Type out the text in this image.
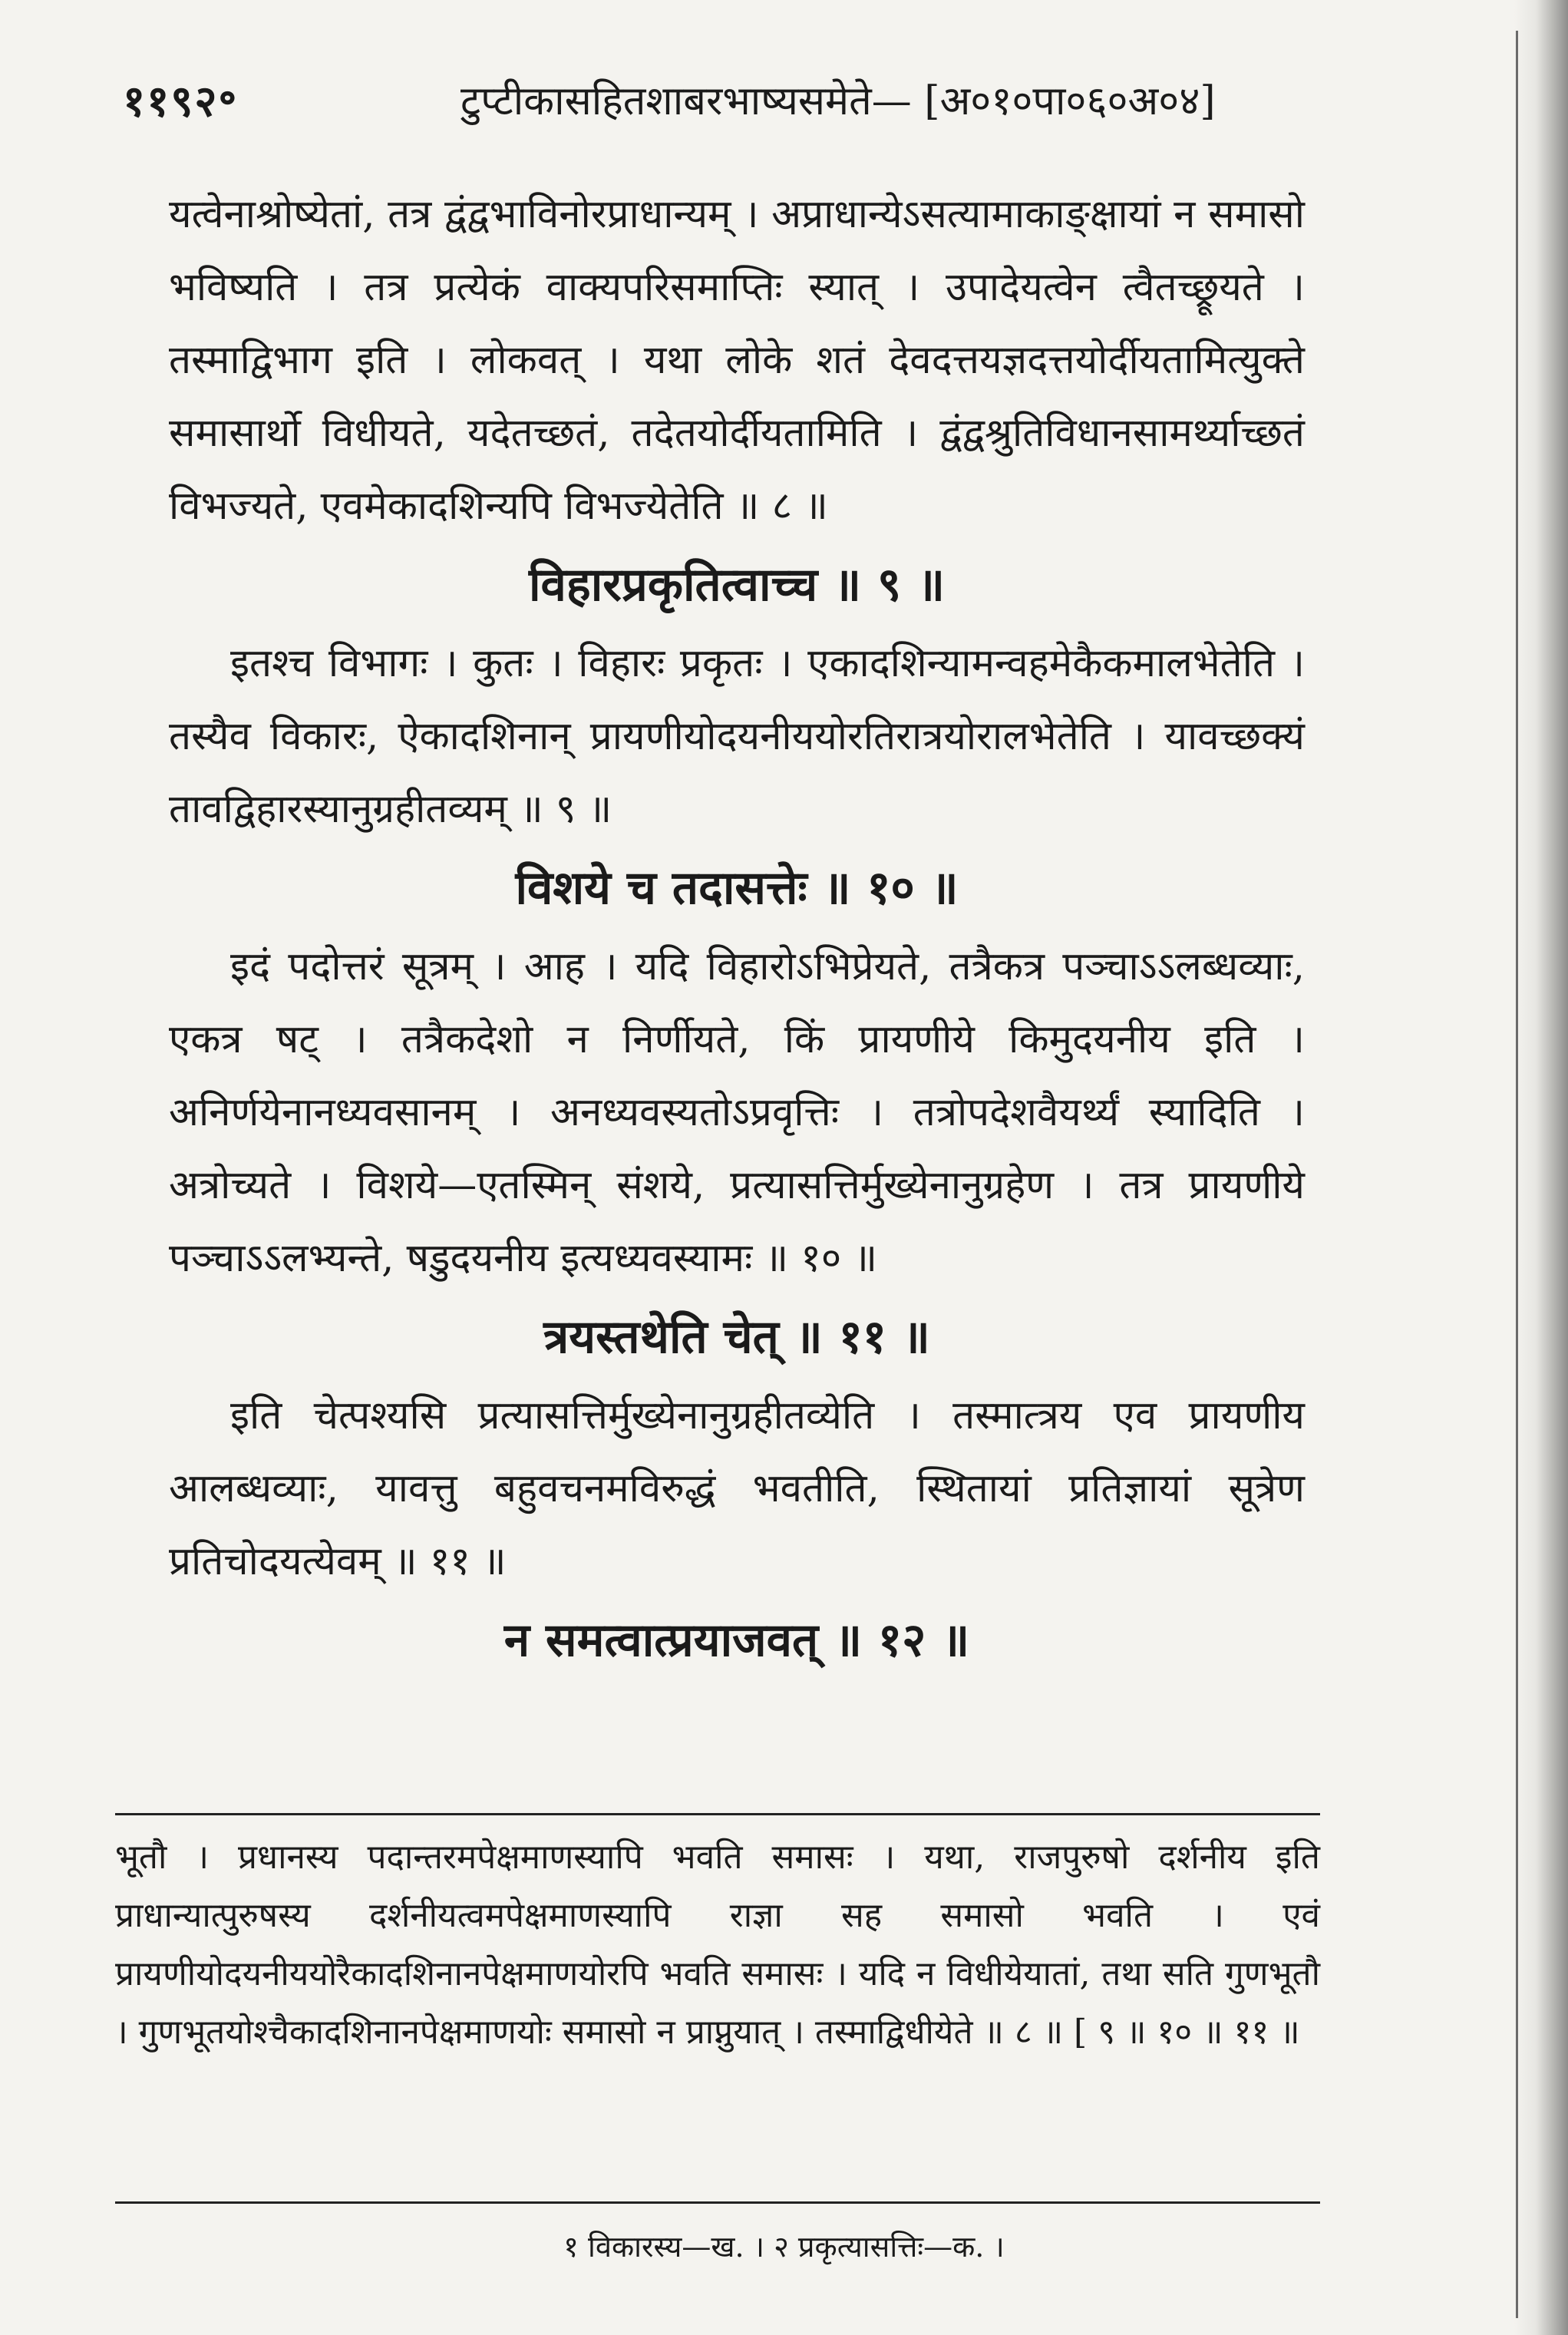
११९२॰	टुप्टीकासहितशाबरभाष्यसमेते— [अ०१०पा०६०अ०४]

यत्वेनाश्रोष्येतां, तत्र द्वंद्वभाविनोरप्राधान्यम् । अप्राधान्येऽसत्यामाकाङ्क्षायां न समासो भविष्यति । तत्र प्रत्येकं वाक्यपरिसमाप्तिः स्यात् । उपादेयत्वेन त्वैतच्छ्रूयते । तस्माद्विभाग इति । लोकवत् । यथा लोके शतं देवदत्तयज्ञदत्तयोर्दीयतामित्युक्ते समासार्थो विधीयते, यदेतच्छतं, तदेतयोर्दीयतामिति । द्वंद्वश्रुतिविधानसामर्थ्याच्छतं विभज्यते, एवमेकादशिन्यपि विभज्येतेति ॥ ८ ॥

विहारप्रकृतित्वाच्च ॥ ९ ॥

इतश्च विभागः । कुतः । विहारः प्रकृतः । एकादशिन्यामन्वहमेकैकमालभेतेति । तस्यैव विकारः, ऐकादशिनान् प्रायणीयोदयनीययोरतिरात्रयोरालभेतेति । यावच्छक्यं तावद्विहारस्यानुग्रहीतव्यम् ॥ ९ ॥

विशये च तदासत्तेः ॥ १० ॥

इदं पदोत्तरं सूत्रम् । आह । यदि विहारोऽभिप्रेयते, तत्रैकत्र पञ्चाऽऽलब्धव्याः, एकत्र षट् । तत्रैकदेशो न निर्णीयते, किं प्रायणीये किमुदयनीय इति । अनिर्णयेनानध्यवसानम् । अनध्यवस्यतोऽप्रवृत्तिः । तत्रोपदेशवैयर्थ्यं स्यादिति । अत्रोच्यते । विशये—एतस्मिन् संशये, प्रत्यासत्तिर्मुख्येनानुग्रहेण । तत्र प्रायणीये पञ्चाऽऽलभ्यन्ते, षडुदयनीय इत्यध्यवस्यामः ॥ १० ॥

त्रयस्तथेति चेत् ॥ ११ ॥

इति चेत्पश्यसि प्रत्यासत्तिर्मुख्येनानुग्रहीतव्येति । तस्मात्त्रय एव प्रायणीय आलब्धव्याः, यावत्तु बहुवचनमविरुद्धं भवतीति, स्थितायां प्रतिज्ञायां सूत्रेण प्रतिचोदयत्येवम् ॥ ११ ॥

न समत्वात्प्रयाजवत् ॥ १२ ॥

भूतौ । प्रधानस्य पदान्तरमपेक्षमाणस्यापि भवति समासः । यथा, राजपुरुषो दर्शनीय इति प्राधान्यात्पुरुषस्य दर्शनीयत्वमपेक्षमाणस्यापि राज्ञा सह समासो भवति । एवं प्रायणीयोदयनीययोरैकादशिनानपेक्षमाणयोरपि भवति समासः । यदि न विधीयेयातां, तथा सति गुणभूतौ । गुणभूतयोश्चैकादशिनानपेक्षमाणयोः समासो न प्राप्नुयात् । तस्माद्विधीयेते ॥ ८ ॥ [ ९ ॥ १० ॥ ११ ॥

१ विकारस्य—ख. । २ प्रकृत्यासत्तिः—क. ।
